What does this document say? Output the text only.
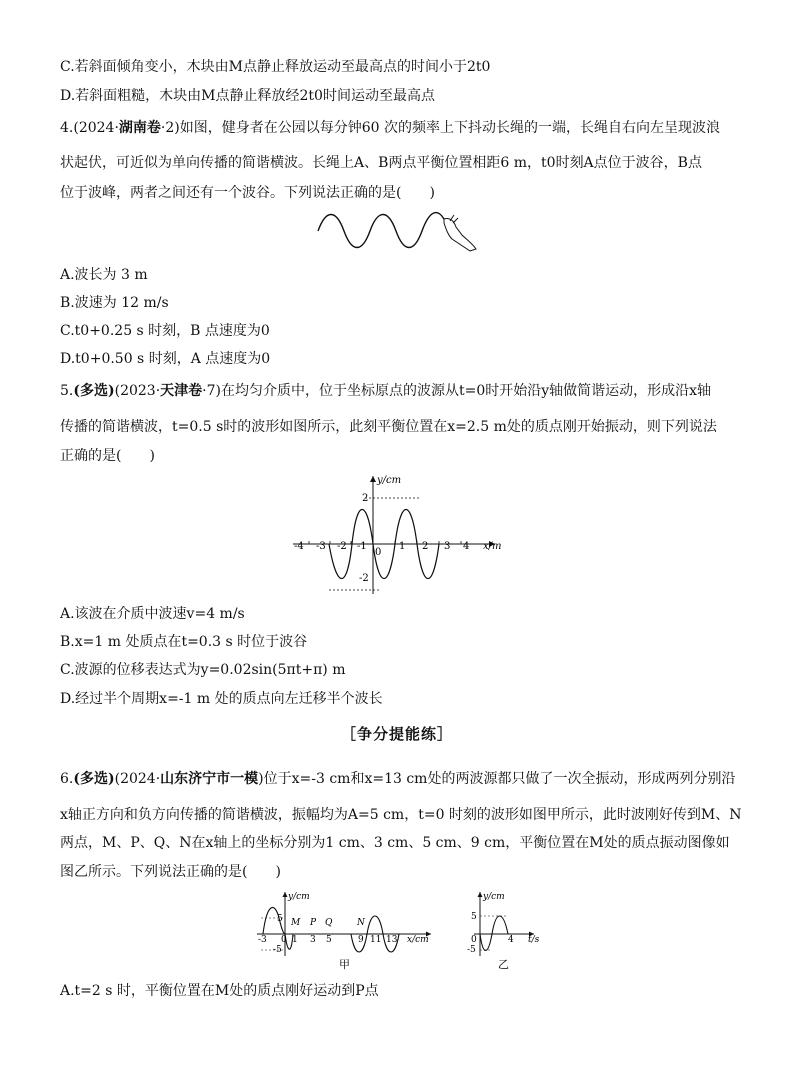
C.若斜面倾角变小，木块由M点静止释放运动至最高点的时间小于2t0
D.若斜面粗糙，木块由M点静止释放经2t0时间运动至最高点
4.(2024·湖南卷·2)如图，健身者在公园以每分钟60 次的频率上下抖动长绳的一端，长绳自右向左呈现波浪
状起伏，可近似为单向传播的简谐横波。长绳上A、B两点平衡位置相距6 m，t0时刻A点位于波谷，B点
位于波峰，两者之间还有一个波谷。下列说法正确的是(　　)
A.波长为 3 m
B.波速为 12 m/s
C.t0+0.25 s 时刻，B 点速度为0
D.t0+0.50 s 时刻，A 点速度为0
5.(多选)(2023·天津卷·7)在均匀介质中，位于坐标原点的波源从t=0时开始沿y轴做简谐运动，形成沿x轴
传播的简谐横波，t=0.5 s时的波形如图所示，此刻平衡位置在x=2.5 m处的质点刚开始振动，则下列说法
正确的是(　　)
y/cm
x/m
2
-2
-4 -3 -2 -1
0
1 2 3 4
A.该波在介质中波速v=4 m/s
B.x=1 m 处质点在t=0.3 s 时位于波谷
C.波源的位移表达式为y=0.02sin(5πt+π) m
D.经过半个周期x=-1 m 处的质点向左迁移半个波长
［争分提能练］
6.(多选)(2024·山东济宁市一模)位于x=-3 cm和x=13 cm处的两波源都只做了一次全振动，形成两列分别沿
x轴正方向和负方向传播的简谐横波，振幅均为A=5 cm，t=0 时刻的波形如图甲所示，此时波刚好传到M、N
两点，M、P、Q、N在x轴上的坐标分别为1 cm、3 cm、5 cm、9 cm，平衡位置在M处的质点振动图像如
图乙所示。下列说法正确的是(　　)
y/cm
x/cm
5
-5
M P Q	N
-3 0 1 3 5	9 11 13
甲
y/cm
t/s
5
-5
0	4
乙
A.t=2 s 时，平衡位置在M处的质点刚好运动到P点
